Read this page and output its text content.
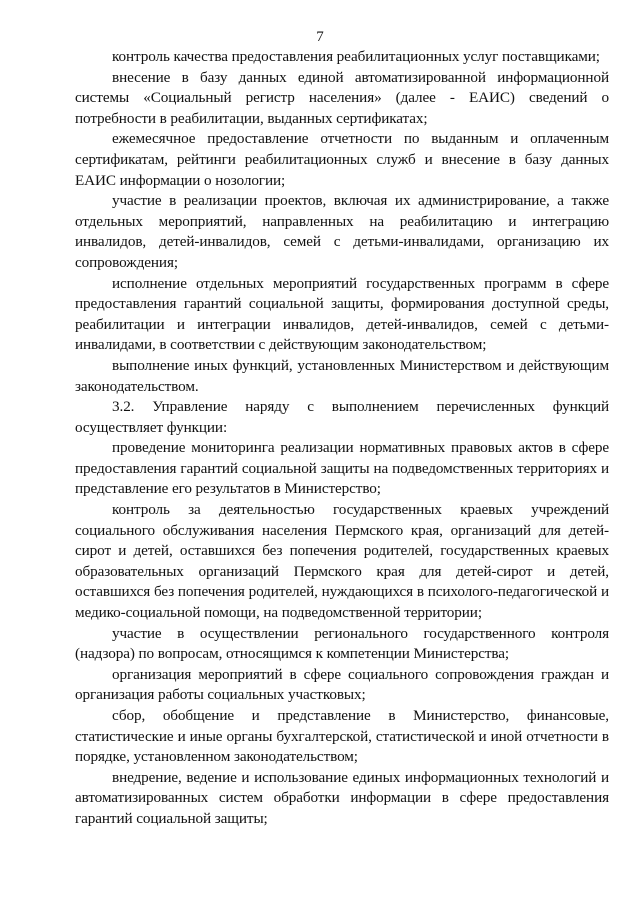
7

контроль качества предоставления реабилитационных услуг поставщиками;

внесение в базу данных единой автоматизированной информационной системы «Социальный регистр населения» (далее - ЕАИС) сведений о потребности в реабилитации, выданных сертификатах;

ежемесячное предоставление отчетности по выданным и оплаченным сертификатам, рейтинги реабилитационных служб и внесение в базу данных ЕАИС информации о нозологии;

участие в реализации проектов, включая их администрирование, а также отдельных мероприятий, направленных на реабилитацию и интеграцию инвалидов, детей-инвалидов, семей с детьми-инвалидами, организацию их сопровождения;

исполнение отдельных мероприятий государственных программ в сфере предоставления гарантий социальной защиты, формирования доступной среды, реабилитации и интеграции инвалидов, детей-инвалидов, семей с детьми-инвалидами, в соответствии с действующим законодательством;

выполнение иных функций, установленных Министерством и действующим законодательством.

3.2. Управление наряду с выполнением перечисленных функций осуществляет функции:

проведение мониторинга реализации нормативных правовых актов в сфере предоставления гарантий социальной защиты на подведомственных территориях и представление его результатов в Министерство;

контроль за деятельностью государственных краевых учреждений социального обслуживания населения Пермского края, организаций для детей-сирот и детей, оставшихся без попечения родителей, государственных краевых образовательных организаций Пермского края для детей-сирот и детей, оставшихся без попечения родителей, нуждающихся в психолого-педагогической и медико-социальной помощи, на подведомственной территории;

участие в осуществлении регионального государственного контроля (надзора) по вопросам, относящимся к компетенции Министерства;

организация мероприятий в сфере социального сопровождения граждан и организация работы социальных участковых;

сбор, обобщение и представление в Министерство, финансовые, статистические и иные органы бухгалтерской, статистической и иной отчетности в порядке, установленном законодательством;

внедрение, ведение и использование единых информационных технологий и автоматизированных систем обработки информации в сфере предоставления гарантий социальной защиты;
